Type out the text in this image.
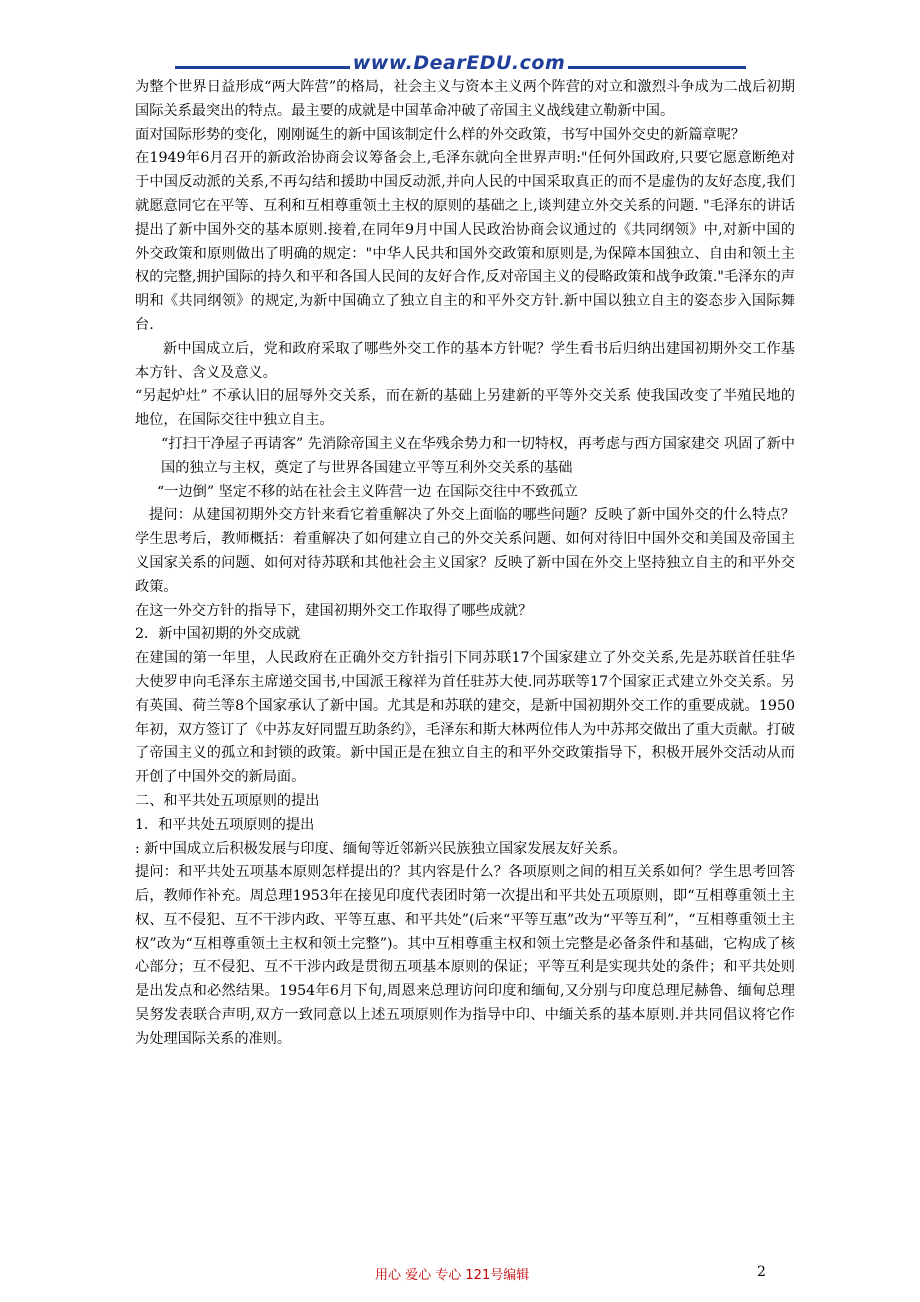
www.DearEDU.com

为整个世界日益形成“两大阵营”的格局，社会主义与资本主义两个阵营的对立和激烈斗争成为二战后初期国际关系最突出的特点。最主要的成就是中国革命冲破了帝国主义战线建立勒新中国。

面对国际形势的变化，刚刚诞生的新中国该制定什么样的外交政策，书写中国外交史的新篇章呢？

在1949年6月召开的新政治协商会议筹备会上,毛泽东就向全世界声明:"任何外国政府,只要它愿意断绝对于中国反动派的关系,不再勾结和援助中国反动派,并向人民的中国采取真正的而不是虚伪的友好态度,我们就愿意同它在平等、互利和互相尊重领土主权的原则的基础之上,谈判建立外交关系的问题. "毛泽东的讲话提出了新中国外交的基本原则.接着,在同年9月中国人民政治协商会议通过的《共同纲领》中,对新中国的外交政策和原则做出了明确的规定："中华人民共和国外交政策和原则是,为保障本国独立、自由和领土主权的完整,拥护国际的持久和平和各国人民间的友好合作,反对帝国主义的侵略政策和战争政策."毛泽东的声明和《共同纲领》的规定,为新中国确立了独立自主的和平外交方针.新中国以独立自主的姿态步入国际舞台.

新中国成立后，党和政府采取了哪些外交工作的基本方针呢？学生看书后归纳出建国初期外交工作基本方针、含义及意义。

“另起炉灶” 不承认旧的屈辱外交关系，而在新的基础上另建新的平等外交关系 使我国改变了半殖民地的地位，在国际交往中独立自主。

“打扫干净屋子再请客” 先消除帝国主义在华残余势力和一切特权，再考虑与西方国家建交 巩固了新中国的独立与主权，奠定了与世界各国建立平等互利外交关系的基础

“一边倒” 坚定不移的站在社会主义阵营一边 在国际交往中不致孤立

提问：从建国初期外交方针来看它着重解决了外交上面临的哪些问题？反映了新中国外交的什么特点？学生思考后，教师概括：着重解决了如何建立自己的外交关系问题、如何对待旧中国外交和美国及帝国主义国家关系的问题、如何对待苏联和其他社会主义国家？反映了新中国在外交上坚持独立自主的和平外交政策。

在这一外交方针的指导下，建国初期外交工作取得了哪些成就？

2．新中国初期的外交成就

在建国的第一年里，人民政府在正确外交方针指引下同苏联17个国家建立了外交关系,先是苏联首任驻华大使罗申向毛泽东主席递交国书,中国派王稼祥为首任驻苏大使.同苏联等17个国家正式建立外交关系。另有英国、荷兰等8个国家承认了新中国。尤其是和苏联的建交，是新中国初期外交工作的重要成就。1950年初，双方签订了《中苏友好同盟互助条约》，毛泽东和斯大林两位伟人为中苏邦交做出了重大贡献。打破了帝国主义的孤立和封锁的政策。新中国正是在独立自主的和平外交政策指导下，积极开展外交活动从而开创了中国外交的新局面。

二、和平共处五项原则的提出

1．和平共处五项原则的提出

: 新中国成立后积极发展与印度、缅甸等近邻新兴民族独立国家发展友好关系。

提问：和平共处五项基本原则怎样提出的？其内容是什么？各项原则之间的相互关系如何？学生思考回答后，教师作补充。周总理1953年在接见印度代表团时第一次提出和平共处五项原则，即“互相尊重领土主权、互不侵犯、互不干涉内政、平等互惠、和平共处”(后来“平等互惠”改为“平等互利”，“互相尊重领土主权”改为“互相尊重领土主权和领土完整”)。其中互相尊重主权和领土完整是必备条件和基础，它构成了核心部分；互不侵犯、互不干涉内政是贯彻五项基本原则的保证；平等互利是实现共处的条件；和平共处则是出发点和必然结果。1954年6月下旬,周恩来总理访问印度和缅甸,又分别与印度总理尼赫鲁、缅甸总理吴努发表联合声明,双方一致同意以上述五项原则作为指导中印、中缅关系的基本原则.并共同倡议将它作为处理国际关系的准则。

用心 爱心 专心 121号编辑	2
